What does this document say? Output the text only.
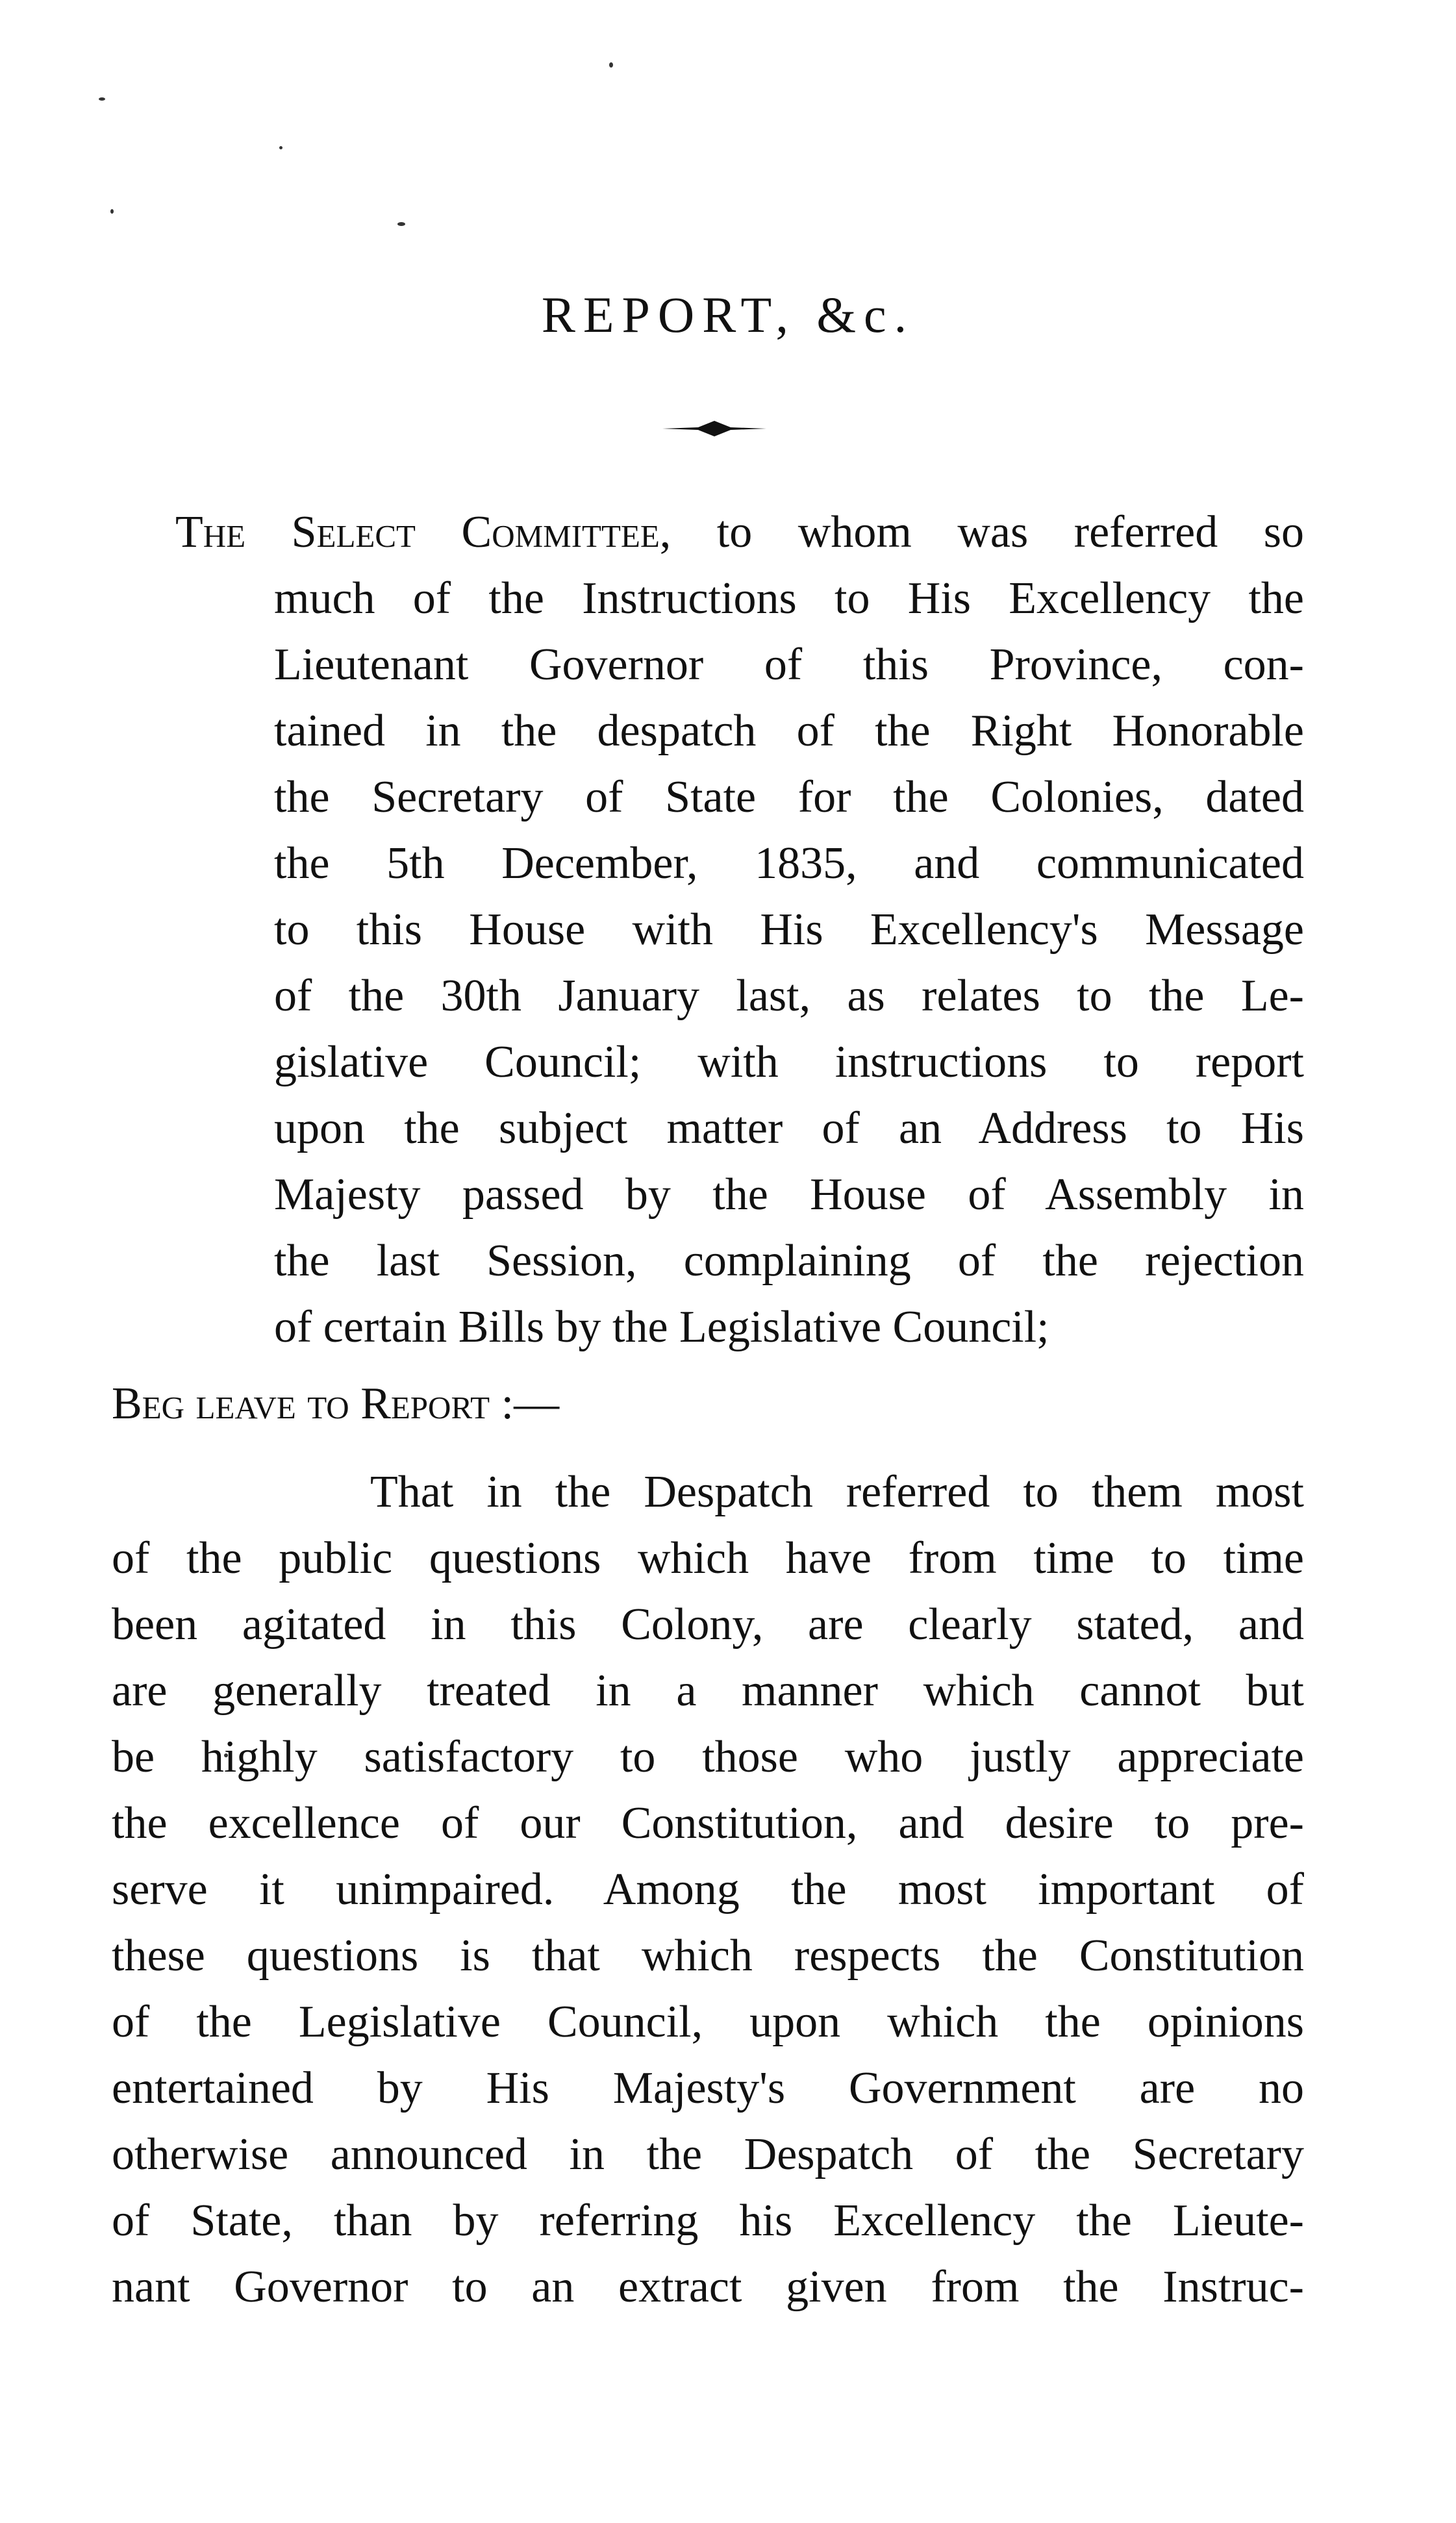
REPORT, &c.
The Select Committee, to whom was referred so
much of the Instructions to His Excellency the
Lieutenant Governor of this Province, con-
tained in the despatch of the Right Honorable
the Secretary of State for the Colonies, dated
the 5th December, 1835, and communicated
to this House with His Excellency's Message
of the 30th January last, as relates to the Le-
gislative Council; with instructions to report
upon the subject matter of an Address to His
Majesty passed by the House of Assembly in
the last Session, complaining of the rejection
of certain Bills by the Legislative Council;
Beg leave to Report :—
That in the Despatch referred to them most
of the public questions which have from time to time
been agitated in this Colony, are clearly stated, and
are generally treated in a manner which cannot but
be highly satisfactory to those who justly appreciate
the excellence of our Constitution, and desire to pre-
serve it unimpaired. Among the most important of
these questions is that which respects the Constitution
of the Legislative Council, upon which the opinions
entertained by His Majesty's Government are no
otherwise announced in the Despatch of the Secretary
of State, than by referring his Excellency the Lieute-
nant Governor to an extract given from the Instruc-
